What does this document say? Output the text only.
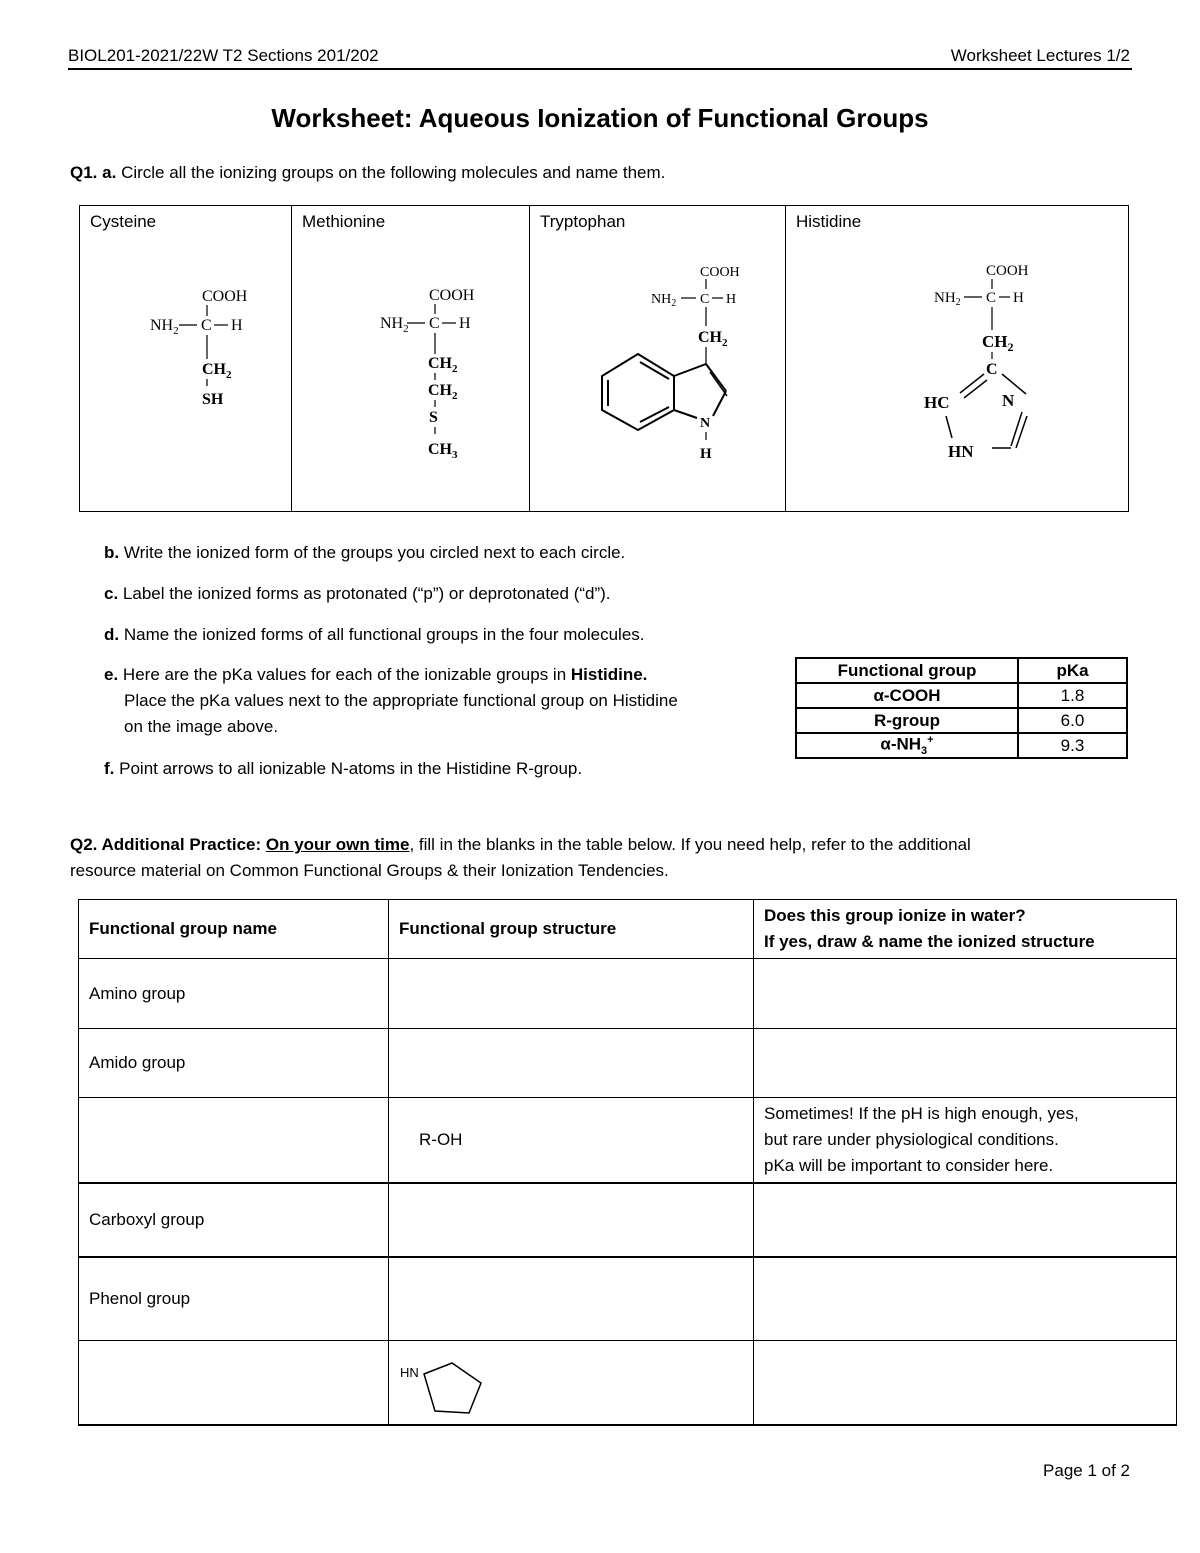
BIOL201-2021/22W T2 Sections 201/202	Worksheet Lectures 1/2
Worksheet: Aqueous Ionization of Functional Groups
Q1. a. Circle all the ionizing groups on the following molecules and name them.
Cysteine
COOH
$NH_2$ C H
$CH_2$
SH
Methionine
COOH
$NH_2$ C H
$CH_2$
$CH_2$
S
$CH_3$
Tryptophan
COOH
$NH_2$ C H
$CH_2$
N
H
Histidine
COOH
$NH_2$ C H
$CH_2$
C
N
HC
HN
b. Write the ionized form of the groups you circled next to each circle.
c. Label the ionized forms as protonated (“p”) or deprotonated (“d”).
d. Name the ionized forms of all functional groups in the four molecules.
e. Here are the pKa values for each of the ionizable groups in Histidine.
Place the pKa values next to the appropriate functional group on Histidine
on the image above.
f. Point arrows to all ionizable N-atoms in the Histidine R-group.
Functional group	pKa
α-COOH	1.8
R-group	6.0
$\alpha-NH_3^+$	9.3
Q2. Additional Practice: On your own time, fill in the blanks in the table below. If you need help, refer to the additional
resource material on Common Functional Groups & their Ionization Tendencies.
Functional group name	Functional group structure	Does this group ionize in water?
If yes, draw & name the ionized structure

Amino group		
Amido group		
	R-OH	Sometimes! If the pH is high enough, yes,
but rare under physiological conditions.
pKa will be important to consider here.

Carboxyl group		
Phenol group		

HN	

Page 1 of 2
